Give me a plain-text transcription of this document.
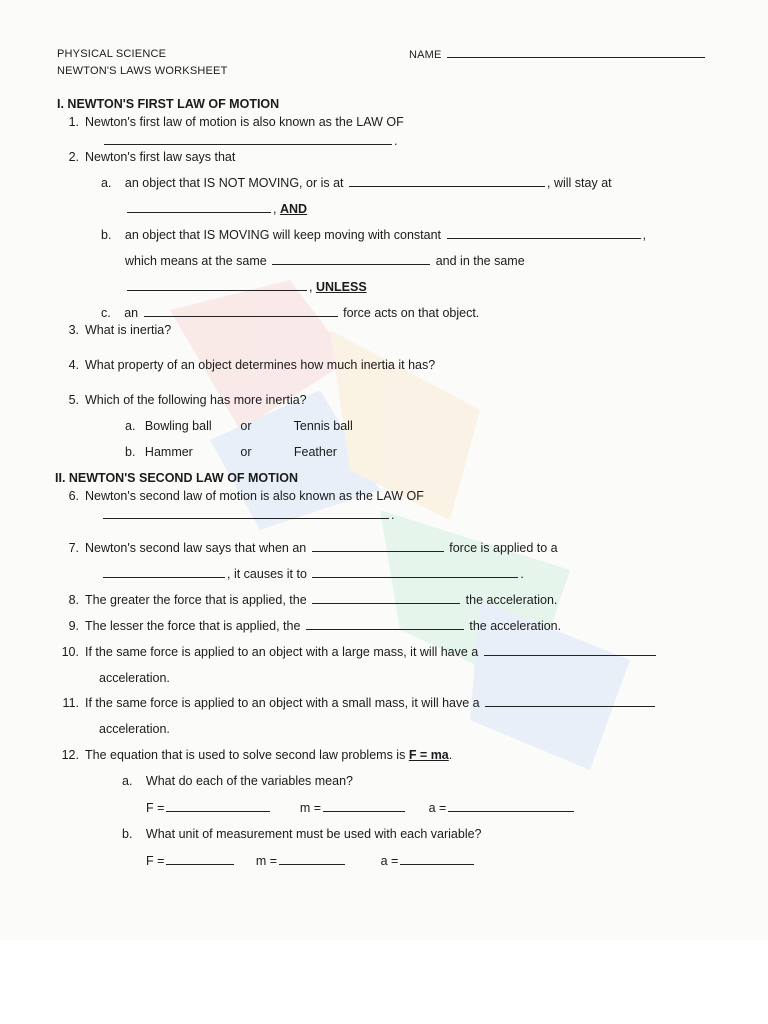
PHYSICAL SCIENCE
NEWTON'S LAWS WORKSHEET
NAME
I. NEWTON'S FIRST LAW OF MOTION
1. Newton's first law of motion is also known as the LAW OF
.
2. Newton's first law says that
a. an object that IS NOT MOVING, or is at	, will stay at
, AND
b. an object that IS MOVING will keep moving with constant	,
which means at the same	and in the same
, UNLESS
c. an	force acts on that object.
3. What is inertia?
4. What property of an object determines how much inertia it has?
5. Which of the following has more inertia?
a. Bowling ball or	Tennis ball
b. Hammer	or	Feather
II. NEWTON'S SECOND LAW OF MOTION
6. Newton's second law of motion is also known as the LAW OF
.
7. Newton's second law says that when an	force is applied to a
, it causes it to	.
8. The greater the force that is applied, the	the acceleration.
9. The lesser the force that is applied, the	the acceleration.
10. If the same force is applied to an object with a large mass, it will have a
acceleration.
11. If the same force is applied to an object with a small mass, it will have a
acceleration.
12. The equation that is used to solve second law problems is F = ma.
a. What do each of the variables mean?
F =	m =	a =
b. What unit of measurement must be used with each variable?
F =	m =	a =
